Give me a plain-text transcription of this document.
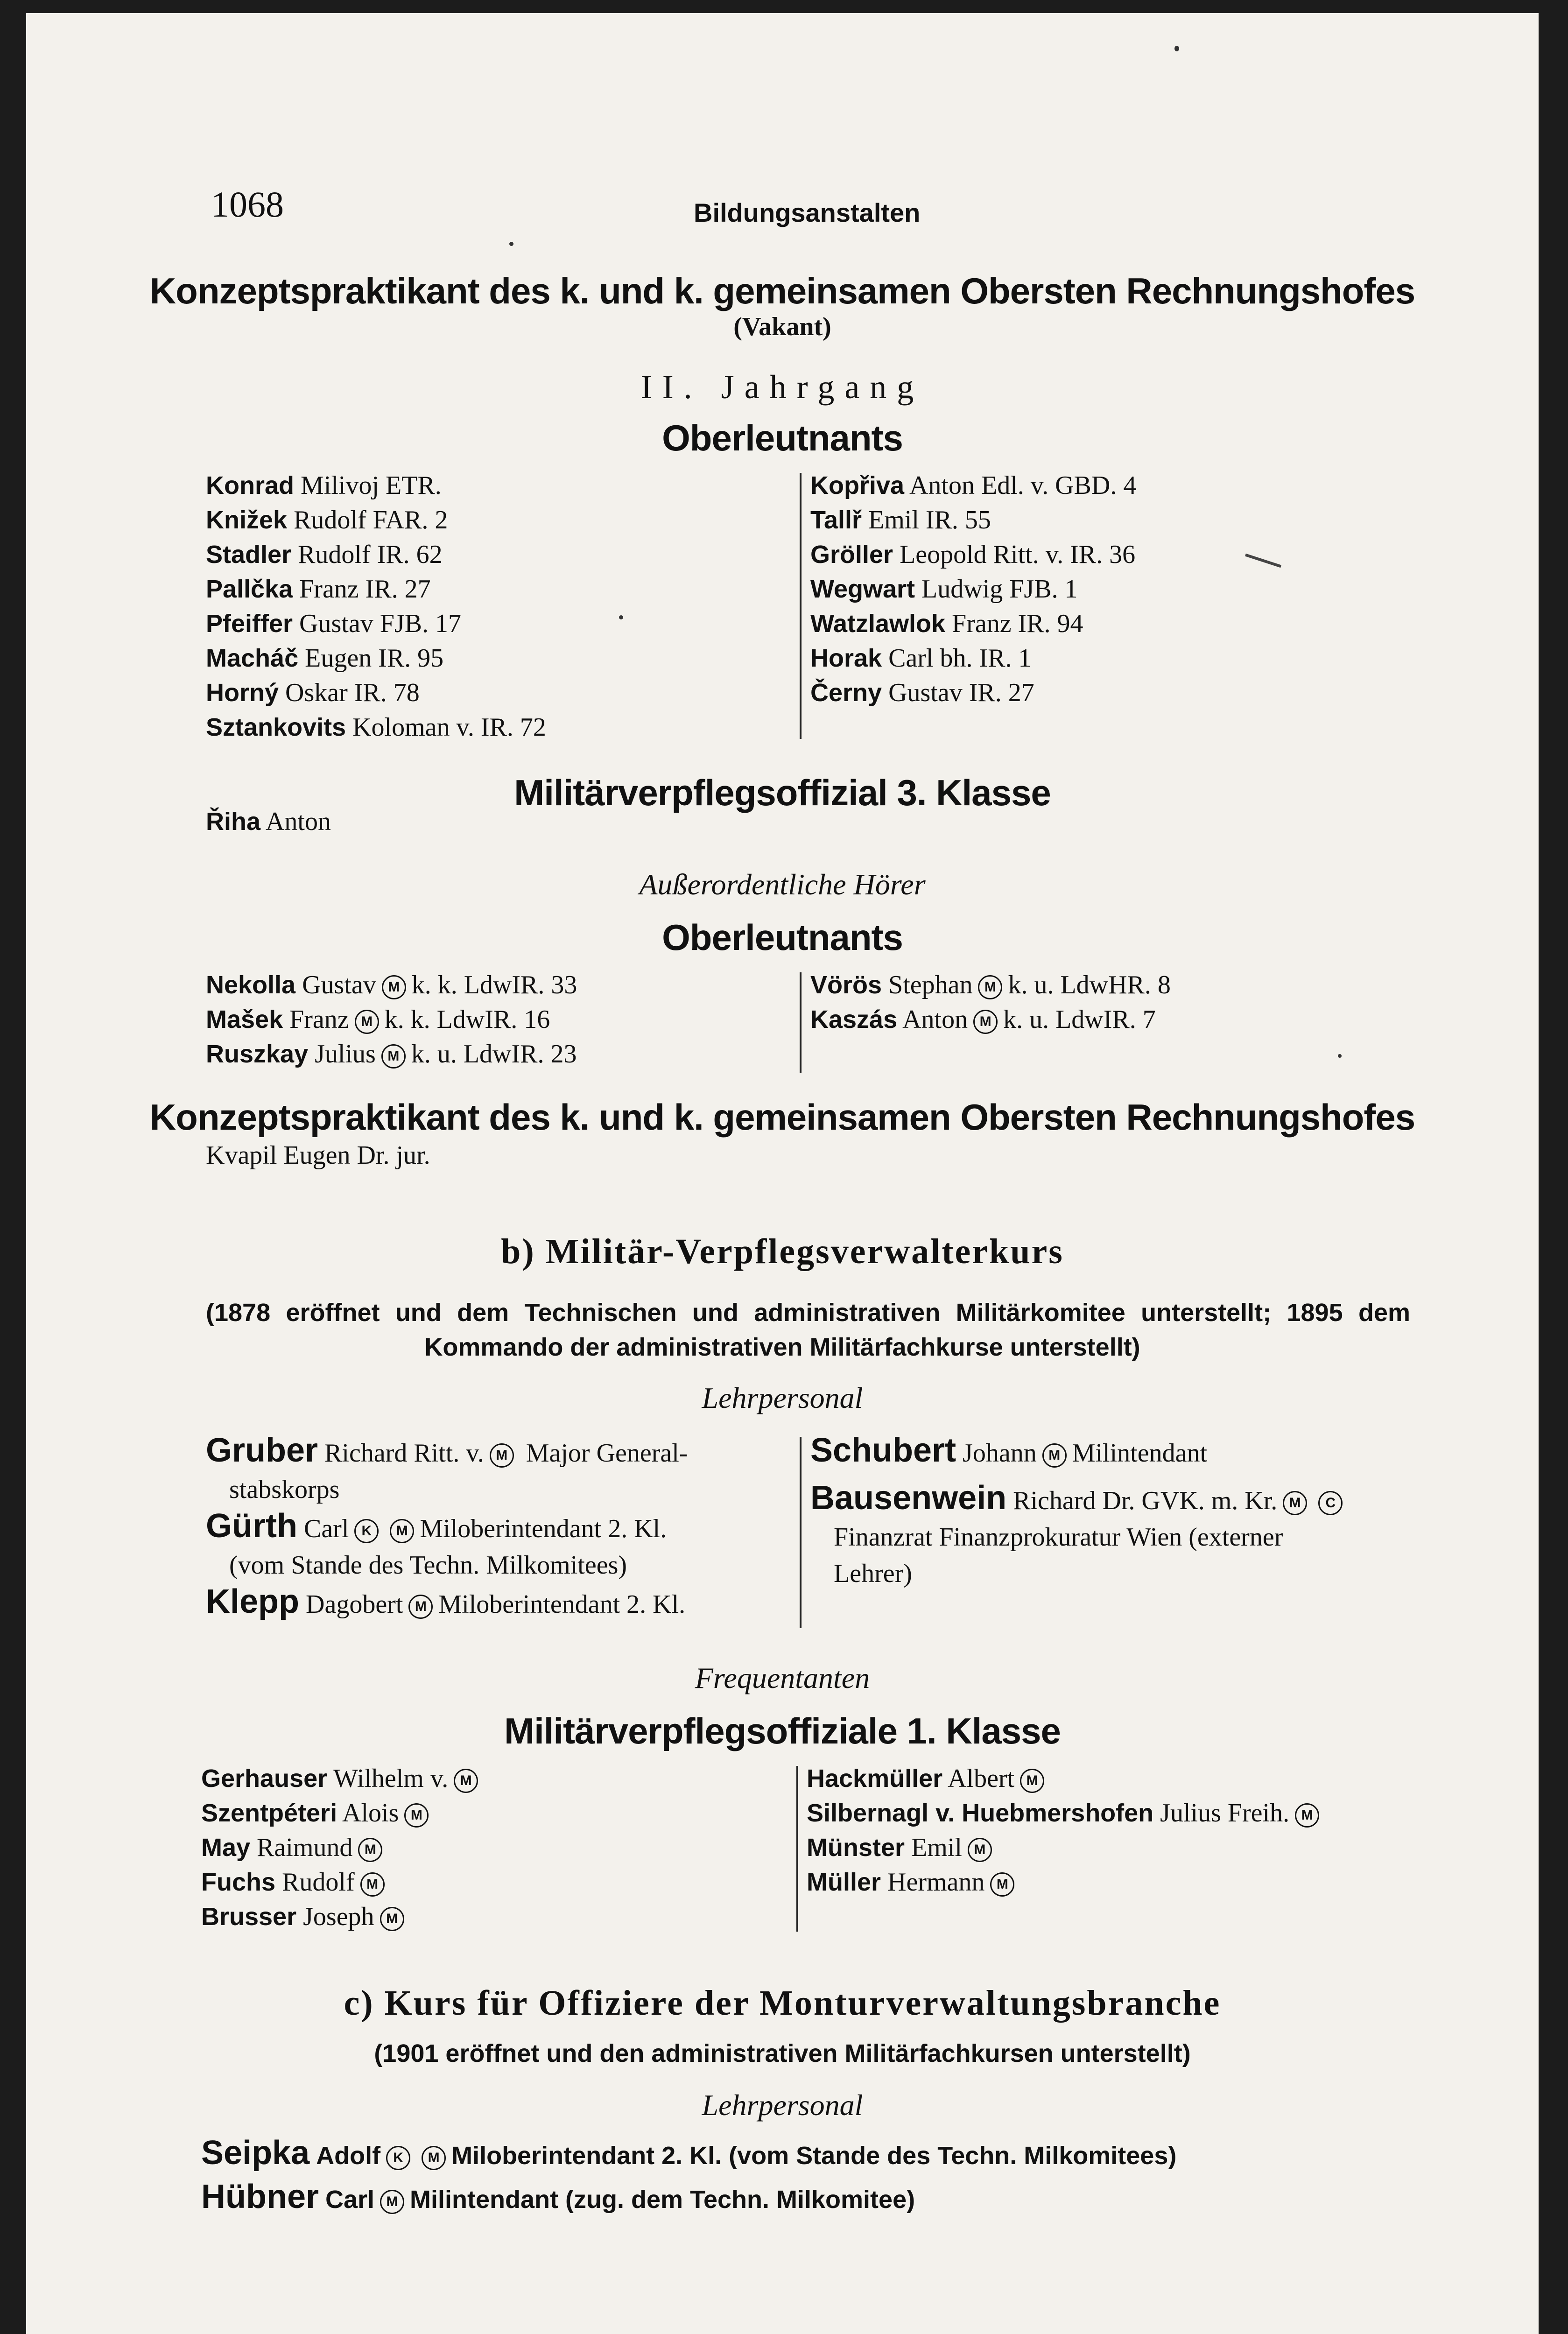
1068	Bildungsanstalten
Konzeptspraktikant des k. und k. gemeinsamen Obersten Rechnungshofes
(Vakant)
II. Jahrgang
Oberleutnants
Konrad Milivoj ETR.
Knižek Rudolf FAR. 2
Stadler Rudolf IR. 62
Pallčka Franz IR. 27
Pfeiffer Gustav FJB. 17
Macháč Eugen IR. 95
Horný Oskar IR. 78
Sztankovits Koloman v. IR. 72
Kopřiva Anton Edl. v. GBD. 4
Tallř Emil IR. 55
Gröller Leopold Ritt. v. IR. 36
Wegwart Ludwig FJB. 1
Watzlawlok Franz IR. 94
Horak Carl bh. IR. 1
Černy Gustav IR. 27
Militärverpflegsoffizial 3. Klasse
Řiha Anton
Außerordentliche Hörer
Oberleutnants
Nekolla Gustav M k. k. LdwIR. 33
Mašek Franz M k. k. LdwIR. 16
Ruszkay Julius M k. u. LdwIR. 23
Vörös Stephan M k. u. LdwHR. 8
Kaszás Anton M k. u. LdwIR. 7
Konzeptspraktikant des k. und k. gemeinsamen Obersten Rechnungshofes
Kvapil Eugen Dr. jur.
b) Militär-Verpflegsverwalterkurs
(1878 eröffnet und dem Technischen und administrativen Militärkomitee unterstellt; 1895 dem
Kommando der administrativen Militärfachkurse unterstellt)
Lehrpersonal
Gruber Richard Ritt. v. M Major General-
stabskorps
Gürth Carl K M Miloberintendant 2. Kl.
(vom Stande des Techn. Milkomitees)
Klepp Dagobert M Miloberintendant 2. Kl.
Schubert Johann M Milintendant
Bausenwein Richard Dr. GVK. m. Kr. M C
Finanzrat Finanzprokuratur Wien (externer
Lehrer)
Frequentanten
Militärverpflegsoffiziale 1. Klasse
Gerhauser Wilhelm v. M
Szentpéteri Alois M
May Raimund M
Fuchs Rudolf M
Brusser Joseph M
Hackmüller Albert M
Silbernagl v. Huebmershofen Julius Freih. M
Münster Emil M
Müller Hermann M
c) Kurs für Offiziere der Monturverwaltungsbranche
(1901 eröffnet und den administrativen Militärfachkursen unterstellt)
Lehrpersonal
Seipka Adolf K M Miloberintendant 2. Kl. (vom Stande des Techn. Milkomitees)
Hübner Carl M Milintendant (zug. dem Techn. Milkomitee)
